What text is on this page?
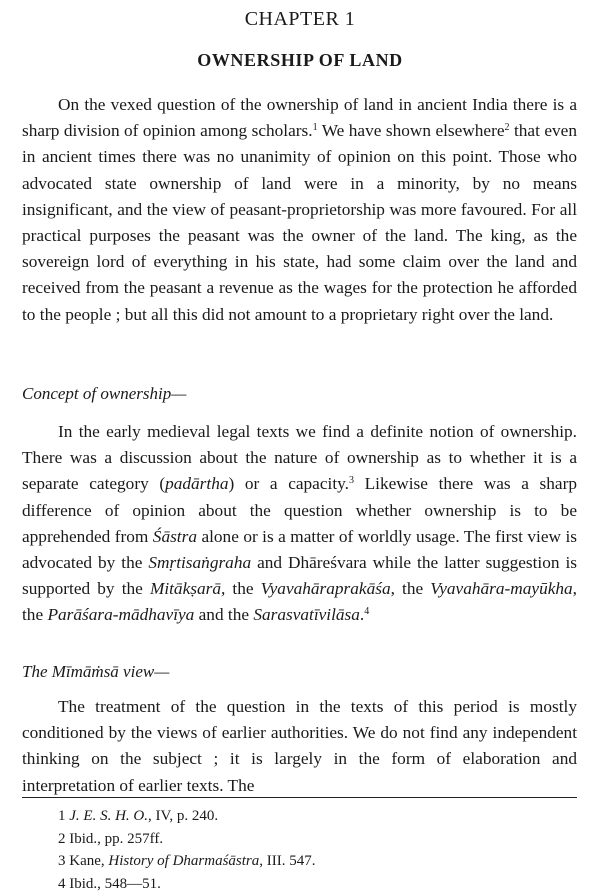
CHAPTER 1
OWNERSHIP OF LAND

On the vexed question of the ownership of land in ancient India there is a sharp division of opinion among scholars.$^1$ We have shown elsewhere$^2$ that even in ancient times there was no unanimity of opinion on this point. Those who advocated state ownership of land were in a minority, by no means insignificant, and the view of peasant-proprietorship was more favoured. For all practical purposes the peasant was the owner of the land. The king, as the sovereign lord of everything in his state, had some claim over the land and received from the peasant a revenue as the wages for the protection he afforded to the people ; but all this did not amount to a proprietary right over the land.

Concept of ownership—

In the early medieval legal texts we find a definite notion of ownership. There was a discussion about the nature of ownership as to whether it is a separate category (padārtha) or a capacity.$^3$ Likewise there was a sharp difference of opinion about the question whether ownership is to be apprehended from Śāstra alone or is a matter of worldly usage. The first view is advocated by the Smṛtisaṅgraha and Dhāreśvara while the latter suggestion is supported by the Mitākṣarā, the Vyavahāraprakāśa, the Vyavahāra-mayūkha, the Parāśara-mādhavīya and the Sarasvatīvilāsa.$^4$

The Mīmāṁsā view—

The treatment of the question in the texts of this period is mostly conditioned by the views of earlier authorities. We do not find any independent thinking on the subject ; it is largely in the form of elaboration and interpretation of earlier texts. The

1 J. E. S. H. O., IV, p. 240.
2 Ibid., pp. 257ff.
3 Kane, History of Dharmaśāstra, III. 547.
4 Ibid., 548—51.
